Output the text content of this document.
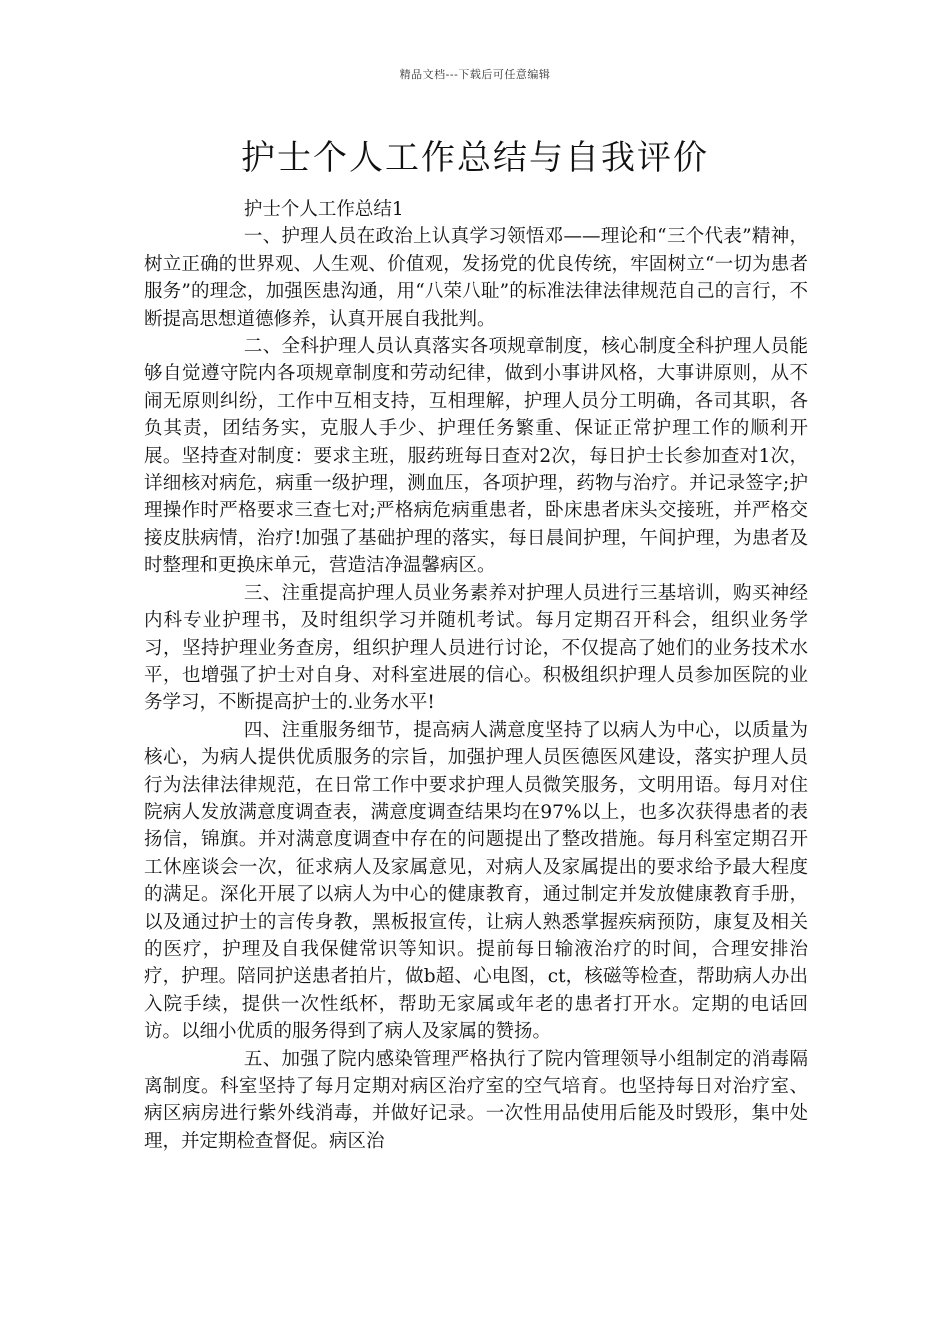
精品文档---下载后可任意编辑
护士个人工作总结与自我评价

护士个人工作总结1

一、护理人员在政治上认真学习领悟邓——理论和“三个代表”精神，树立正确的世界观、人生观、价值观，发扬党的优良传统，牢固树立“一切为患者服务”的理念，加强医患沟通，用“八荣八耻”的标准法律法律规范自己的言行，不断提高思想道德修养，认真开展自我批判。

二、全科护理人员认真落实各项规章制度，核心制度全科护理人员能够自觉遵守院内各项规章制度和劳动纪律，做到小事讲风格，大事讲原则，从不闹无原则纠纷，工作中互相支持，互相理解，护理人员分工明确，各司其职，各负其责，团结务实，克服人手少、护理任务繁重、保证正常护理工作的顺利开展。坚持查对制度：要求主班，服药班每日查对2次，每日护士长参加查对1次，详细核对病危，病重一级护理，测血压，各项护理，药物与治疗。并记录签字;护理操作时严格要求三查七对;严格病危病重患者，卧床患者床头交接班，并严格交接皮肤病情，治疗!加强了基础护理的落实，每日晨间护理，午间护理，为患者及时整理和更换床单元，营造洁净温馨病区。

三、注重提高护理人员业务素养对护理人员进行三基培训，购买神经内科专业护理书，及时组织学习并随机考试。每月定期召开科会，组织业务学习，坚持护理业务查房，组织护理人员进行讨论，不仅提高了她们的业务技术水平，也增强了护士对自身、对科室进展的信心。积极组织护理人员参加医院的业务学习，不断提高护士的.业务水平!

四、注重服务细节，提高病人满意度坚持了以病人为中心，以质量为核心，为病人提供优质服务的宗旨，加强护理人员医德医风建设，落实护理人员行为法律法律规范，在日常工作中要求护理人员微笑服务，文明用语。每月对住院病人发放满意度调查表，满意度调查结果均在97%以上，也多次获得患者的表扬信，锦旗。并对满意度调查中存在的问题提出了整改措施。每月科室定期召开工休座谈会一次，征求病人及家属意见，对病人及家属提出的要求给予最大程度的满足。深化开展了以病人为中心的健康教育，通过制定并发放健康教育手册，以及通过护士的言传身教，黑板报宣传，让病人熟悉掌握疾病预防，康复及相关的医疗，护理及自我保健常识等知识。提前每日输液治疗的时间，合理安排治疗，护理。陪同护送患者拍片，做b超、心电图，ct，核磁等检查，帮助病人办出入院手续，提供一次性纸杯，帮助无家属或年老的患者打开水。定期的电话回访。以细小优质的服务得到了病人及家属的赞扬。

五、加强了院内感染管理严格执行了院内管理领导小组制定的消毒隔离制度。科室坚持了每月定期对病区治疗室的空气培育。也坚持每日对治疗室、病区病房进行紫外线消毒，并做好记录。一次性用品使用后能及时毁形，集中处理，并定期检查督促。病区治
